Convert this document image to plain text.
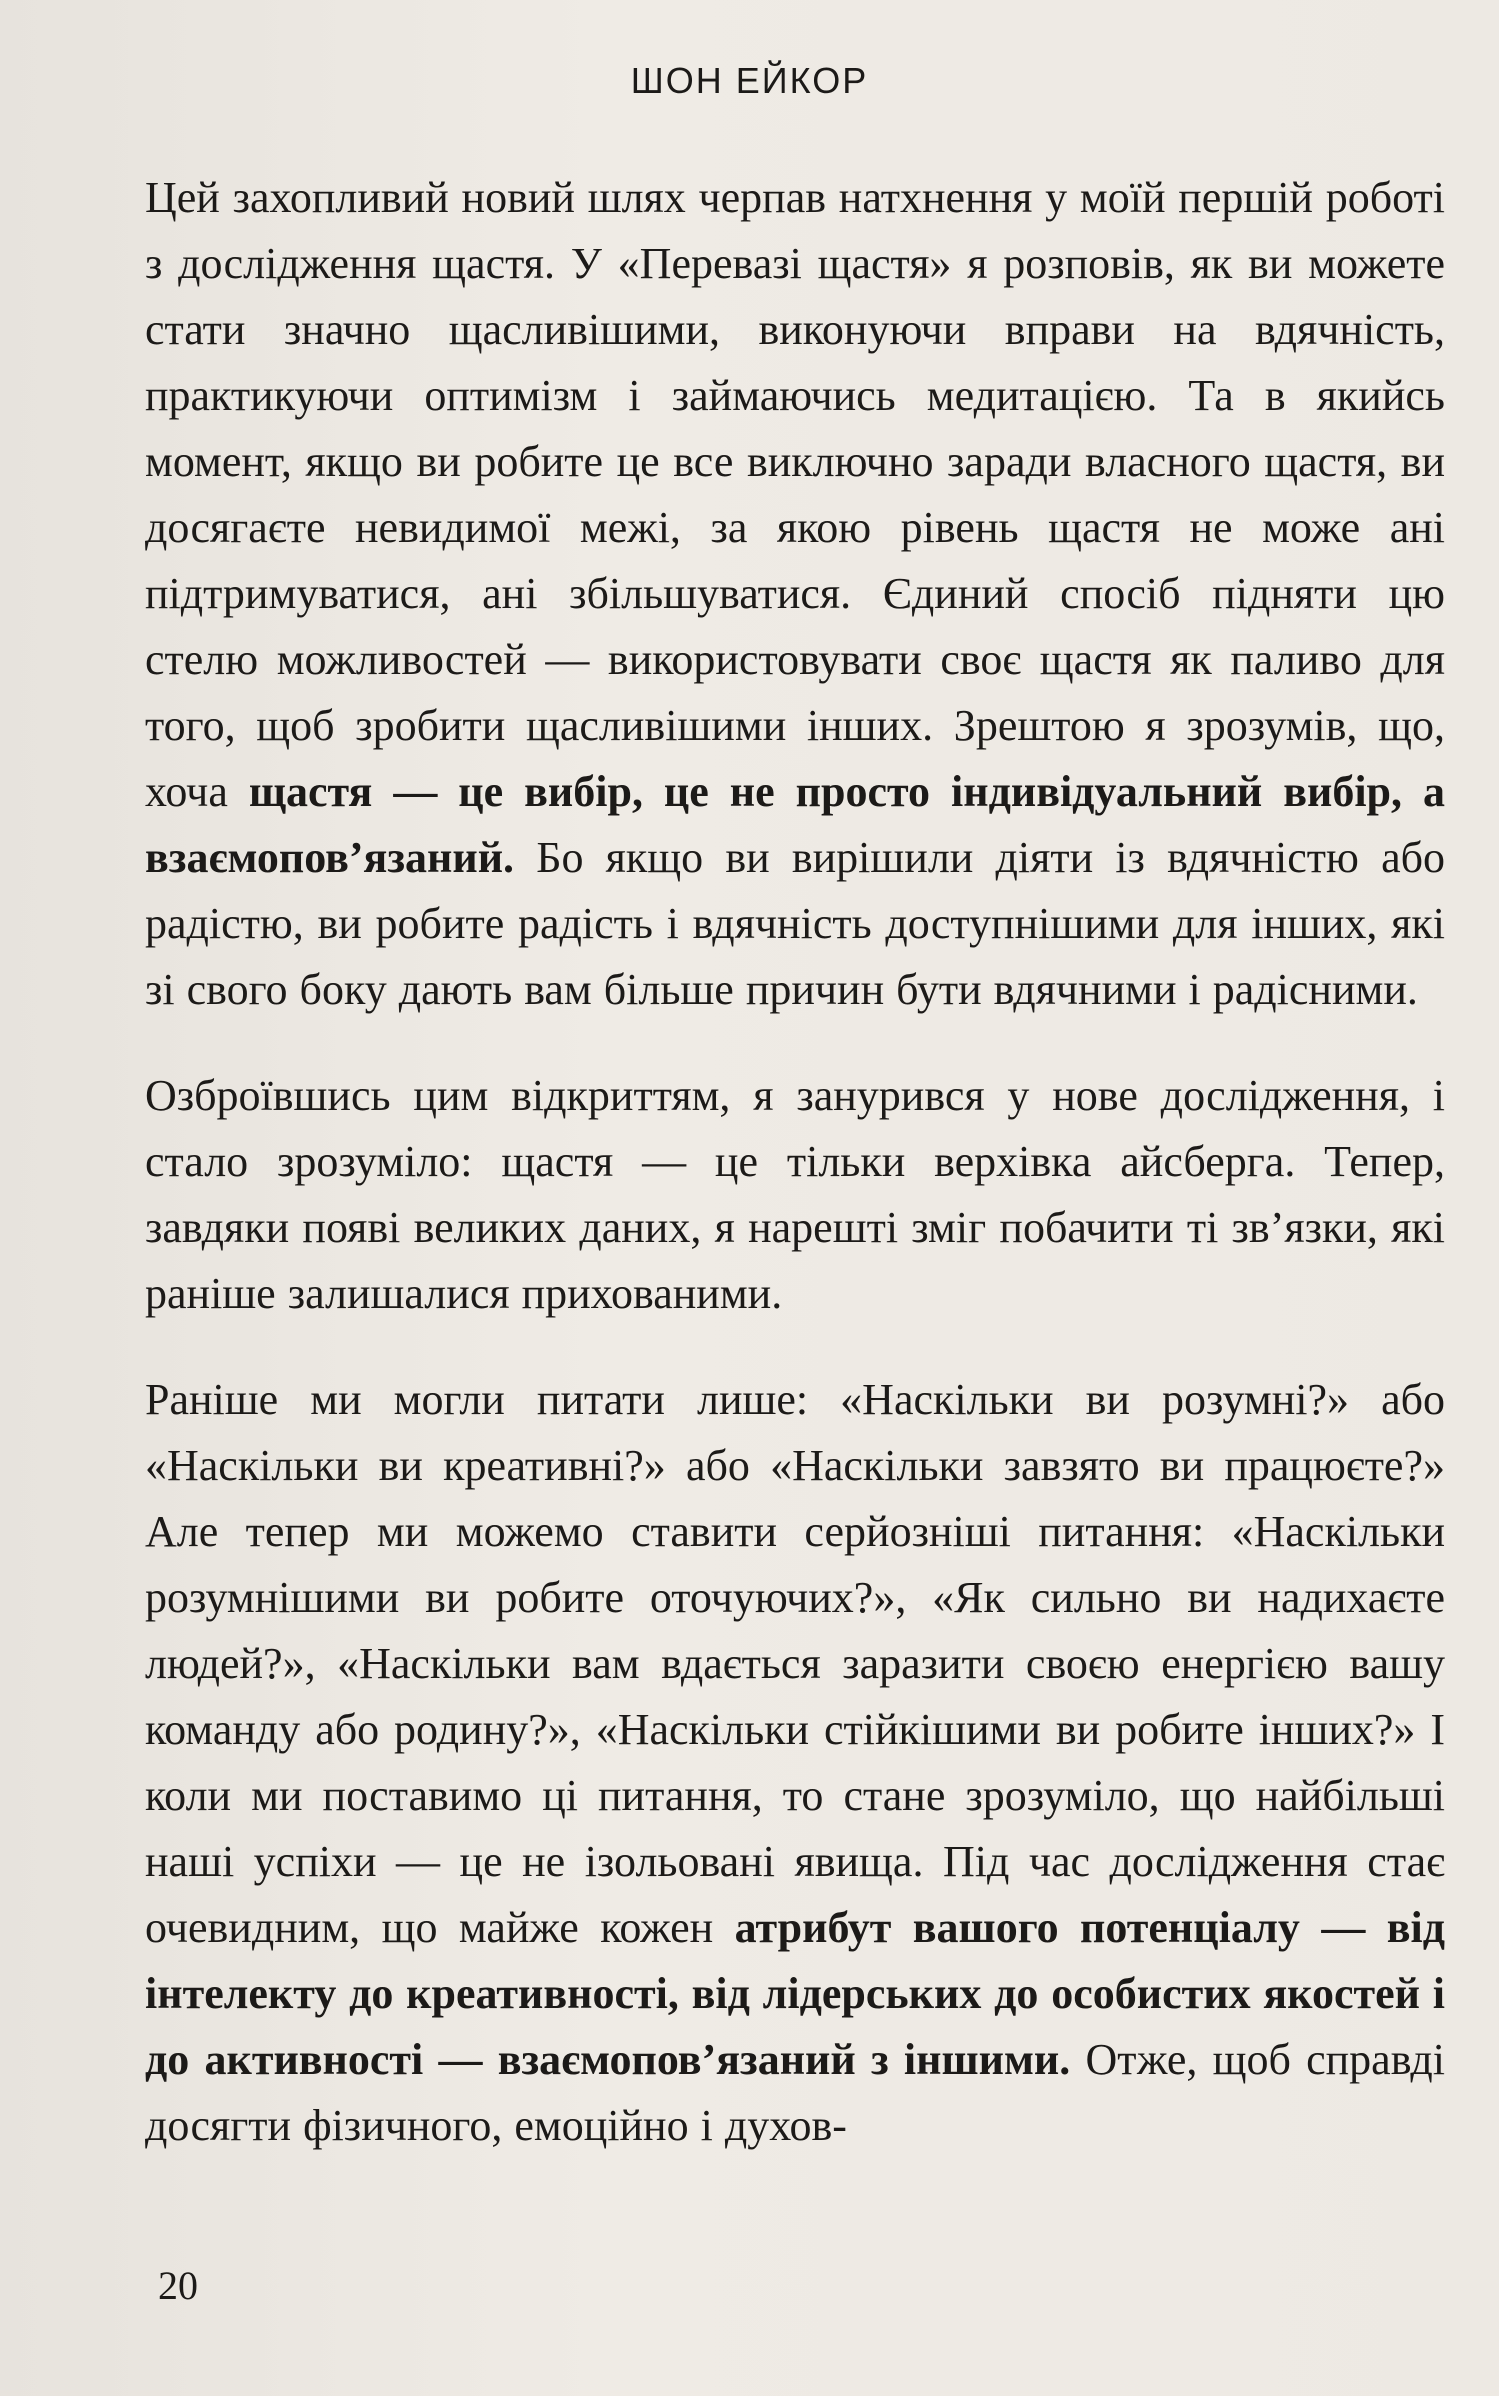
ШОН ЕЙКОР

Цей захопливий новий шлях черпав натхнення у моїй першій роботі з дослідження щастя. У «Перевазі щастя» я розповів, як ви можете стати значно щасливішими, виконуючи вправи на вдячність, практикуючи оптимізм і займаючись медитацією. Та в якийсь момент, якщо ви робите це все виключно заради власного щастя, ви досягаєте невидимої межі, за якою рівень щастя не може ані підтримуватися, ані збільшуватися. Єдиний спосіб підняти цю стелю можливостей — використовувати своє щастя як паливо для того, щоб зробити щасливішими інших. Зрештою я зрозумів, що, хоча щастя — це вибір, це не просто індивідуальний вибір, а взаємопов’язаний. Бо якщо ви вирішили діяти із вдячністю або радістю, ви робите радість і вдячність доступнішими для інших, які зі свого боку дають вам більше причин бути вдячними і радісними.

Озброївшись цим відкриттям, я занурився у нове дослідження, і стало зрозуміло: щастя — це тільки верхівка айсберга. Тепер, завдяки появі великих даних, я нарешті зміг побачити ті зв’язки, які раніше залишалися прихованими.

Раніше ми могли питати лише: «Наскільки ви розумні?» або «Наскільки ви креативні?» або «Наскільки завзято ви працюєте?» Але тепер ми можемо ставити серйозніші питання: «Наскільки розумнішими ви робите оточуючих?», «Як сильно ви надихаєте людей?», «Наскільки вам вдається заразити своєю енергією вашу команду або родину?», «Наскільки стійкішими ви робите інших?» І коли ми поставимо ці питання, то стане зрозуміло, що найбільші наші успіхи — це не ізольовані явища. Під час дослідження стає очевидним, що майже кожен атрибут вашого потенціалу — від інтелекту до креативності, від лідерських до особистих якостей і до активності — взаємопов’язаний з іншими. Отже, щоб справді досягти фізичного, емоційно і духов-

20
